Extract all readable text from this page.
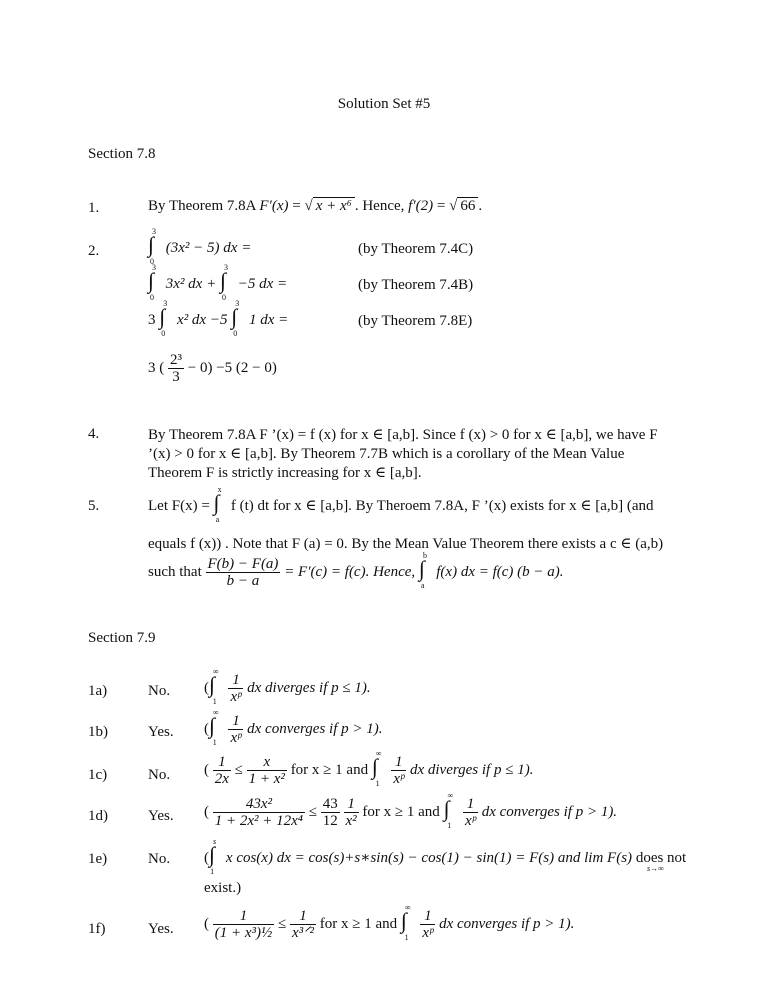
Solution Set #5
Section 7.8
1.	By Theorem 7.8A F′(x) = √ x + x⁶ . Hence, f′(2) = √ 66 .
2. ∫$^3_0$ (3x² − 5) dx =	(by Theorem 7.4C)
∫$^3_0$ 3x² dx + ∫$^3_0$ −5 dx =	(by Theorem 7.4B)
3 ∫$^3_0$ x² dx −5 ∫$^3_0$ 1 dx =	(by Theorem 7.8E)
3 ( $\frac{\text{2³}}{3} - 0) -5$ (2 − 0)
4.	By Theorem 7.8A F ’(x) = f (x) for x ∈ [a,b]. Since f (x) > 0 for x ∈ [a,b], we have F ’(x) > 0 for x ∈ [a,b]. By Theorem 7.7B which is a corollary of the Mean Value Theorem F is strictly increasing for x ∈ [a,b].

5.	Let F(x) = ∫$^x_a$ f (t) dt for x ∈ [a,b]. By Theroem 7.8A, F ’(x) exists for x ∈ [a,b] (and
equals f (x)) . Note that F (a) = 0. By the Mean Value Theorem there exists a c ∈ (a,b)
such that $\frac{F(b) - F(a)}{b - a} = F'(c) = f(c)$. Hence, ∫$^b_a$ f(x) dx = f(c) (b − a).
Section 7.9
1a)	No. ($\int^\infty_1 \frac{1}{\text{xᵖ}}$ dx diverges if p ≤ 1).
1b)	Yes. ($\int^\infty_1 \frac{1}{\text{xᵖ}}$ dx converges if p > 1).
1c)	No. ( $\frac{1}{2x} \le \frac{x}{\text{1 + x²}}$ for x ≥ 1 and $\int^\infty_1 \frac{1}{\text{xᵖ}}$ dx diverges if p ≤ 1).
1d)	Yes. ( $\frac{\text{43x²}}{\text{1 + 2x² + 12x⁴}} \le \frac{43}{12}$
$\frac{1}{\text{x²}}$ for x ≥ 1 and $\int^\infty_1 \frac{1}{\text{xᵖ}}$ dx converges if p > 1).
1e)	No. (∫$^s_1$ x cos(x) dx = cos(s)+s∗sin(s) − cos(1) − sin(1) = F(s) and lim F(s) does not
s→∞
exist.)
1f)	Yes. ( $\frac{1}{\text{(1 + x³)½}} \le \frac{1}{\text{x³ᐟ²}}$ for x ≥ 1 and $\int^\infty_1 \frac{1}{\text{xᵖ}}$ dx converges if p > 1).
